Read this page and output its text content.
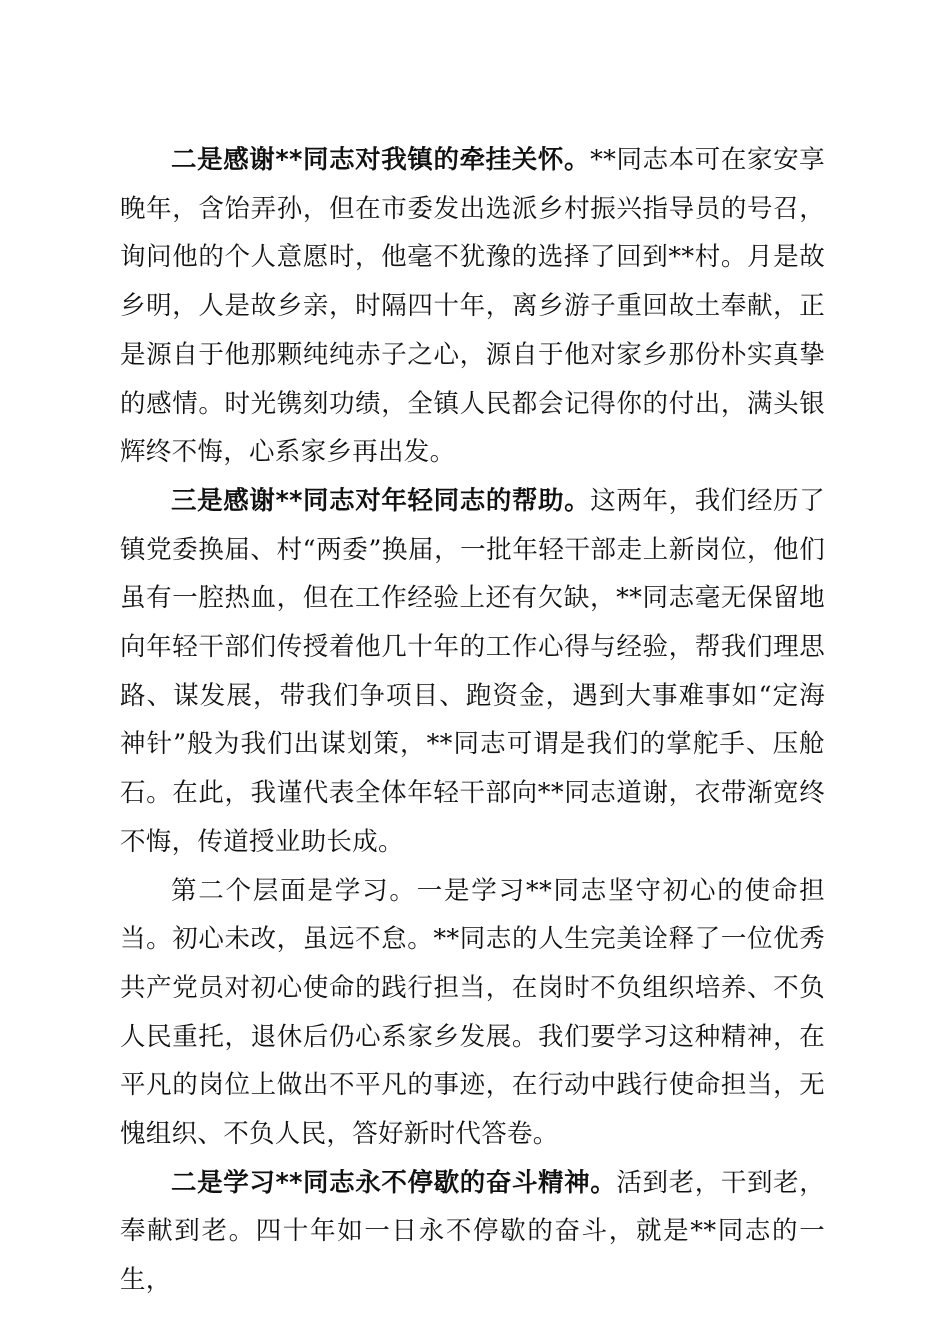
二是感谢**同志对我镇的牵挂关怀。**同志本可在家安享晚年，含饴弄孙，但在市委发出选派乡村振兴指导员的号召，询问他的个人意愿时，他毫不犹豫的选择了回到**村。月是故乡明，人是故乡亲，时隔四十年，离乡游子重回故土奉献，正是源自于他那颗纯纯赤子之心，源自于他对家乡那份朴实真挚的感情。时光镌刻功绩，全镇人民都会记得你的付出，满头银辉终不悔，心系家乡再出发。

三是感谢**同志对年轻同志的帮助。这两年，我们经历了镇党委换届、村“两委”换届，一批年轻干部走上新岗位，他们虽有一腔热血，但在工作经验上还有欠缺，**同志毫无保留地向年轻干部们传授着他几十年的工作心得与经验，帮我们理思路、谋发展，带我们争项目、跑资金，遇到大事难事如“定海神针”般为我们出谋划策，**同志可谓是我们的掌舵手、压舱石。在此，我谨代表全体年轻干部向**同志道谢，衣带渐宽终不悔，传道授业助长成。

第二个层面是学习。一是学习**同志坚守初心的使命担当。初心未改，虽远不怠。**同志的人生完美诠释了一位优秀共产党员对初心使命的践行担当，在岗时不负组织培养、不负人民重托，退休后仍心系家乡发展。我们要学习这种精神，在平凡的岗位上做出不平凡的事迹，在行动中践行使命担当，无愧组织、不负人民，答好新时代答卷。

二是学习**同志永不停歇的奋斗精神。活到老，干到老，奉献到老。四十年如一日永不停歇的奋斗，就是**同志的一生，
